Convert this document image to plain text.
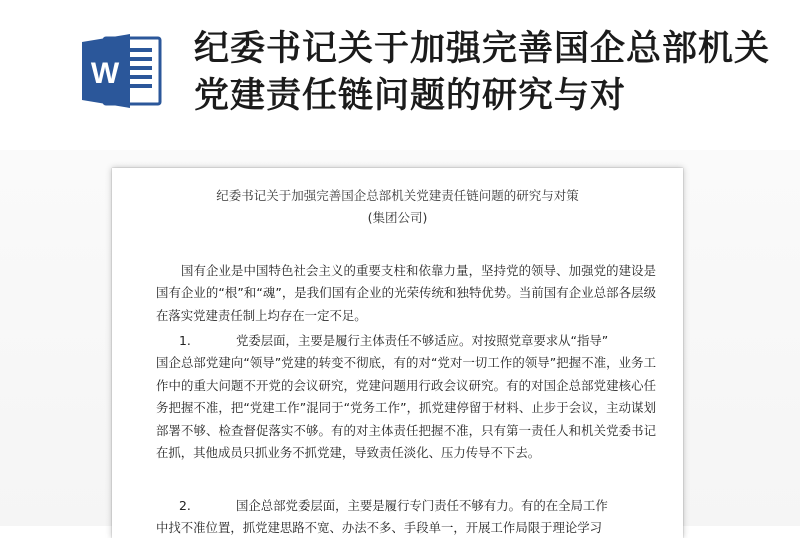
W
纪委书记关于加强完善国企总部机关党建责任链问题的研究与对
纪委书记关于加强完善国企总部机关党建责任链问题的研究与对策
(集团公司)

国有企业是中国特色社会主义的重要支柱和依靠力量，坚持党的领导、加强党的建设是国有企业的“根”和“魂”，是我们国有企业的光荣传统和独特优势。当前国有企业总部各层级在落实党建责任制上均存在一定不足。

1.	党委层面，主要是履行主体责任不够适应。对按照党章要求从“指导”
国企总部党建向“领导”党建的转变不彻底，有的对“党对一切工作的领导”把握不准，业务工作中的重大问题不开党的会议研究，党建问题用行政会议研究。有的对国企总部党建核心任务把握不准，把“党建工作”混同于“党务工作”，抓党建停留于材料、止步于会议，主动谋划部署不够、检查督促落实不够。有的对主体责任把握不准，只有第一责任人和机关党委书记在抓，其他成员只抓业务不抓党建，导致责任淡化、压力传导不下去。
2.	国企总部党委层面，主要是履行专门责任不够有力。有的在全局工作
中找不准位置，抓党建思路不宽、办法不多、手段单一，开展工作局限于理论学习
